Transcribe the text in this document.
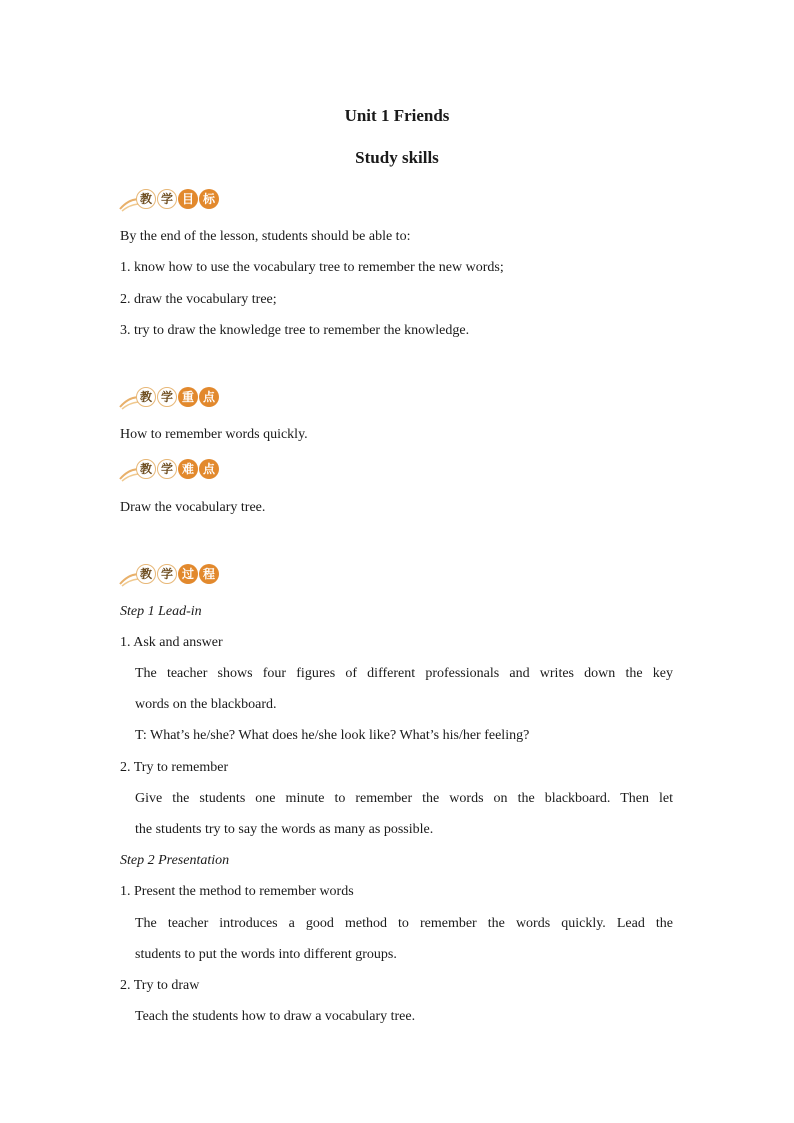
Unit 1 Friends
Study skills
教 学 目 标
By the end of the lesson, students should be able to:
1. know how to use the vocabulary tree to remember the new words;
2. draw the vocabulary tree;
3. try to draw the knowledge tree to remember the knowledge.
教 学 重 点
How to remember words quickly.
教 学 难 点
Draw the vocabulary tree.
教 学 过 程
Step 1 Lead-in
1. Ask and answer
The teacher shows four figures of different professionals and writes down the key
words on the blackboard.
T: What’s he/she? What does he/she look like? What’s his/her feeling?
2. Try to remember
Give the students one minute to remember the words on the blackboard. Then let
the students try to say the words as many as possible.
Step 2 Presentation
1. Present the method to remember words
The teacher introduces a good method to remember the words quickly. Lead the
students to put the words into different groups.
2. Try to draw
Teach the students how to draw a vocabulary tree.
